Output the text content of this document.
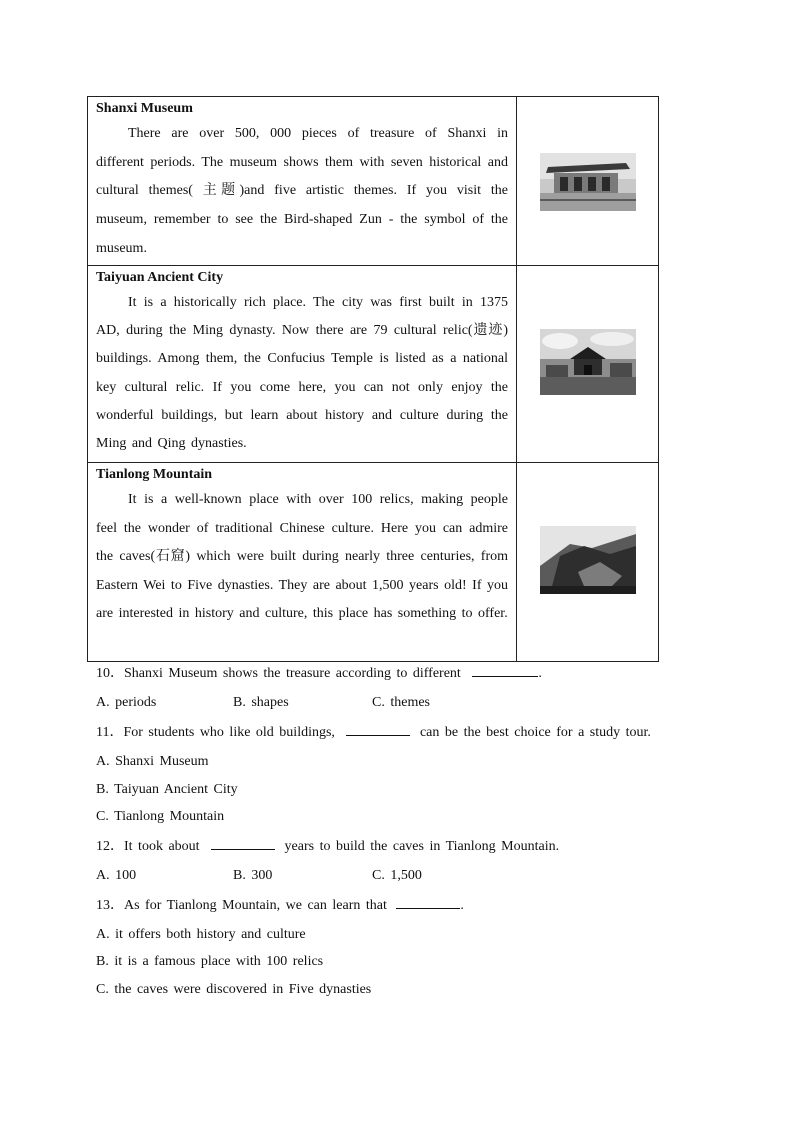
Shanxi Museum

There are over 500, 000 pieces of treasure of Shanxi in different periods. The museum shows them with seven historical and cultural themes( 主题)and five artistic themes. If you visit the museum, remember to see the Bird-shaped Zun - the symbol of the museum.

Taiyuan Ancient City

It is a historically rich place. The city was first built in 1375 AD, during the Ming dynasty. Now there are 79 cultural relic(遗迹) buildings. Among them, the Confucius Temple is listed as a national key cultural relic. If you come here, you can not only enjoy the wonderful buildings, but learn about history and culture during the Ming and Qing dynasties.

Tianlong Mountain

It is a well-known place with over 100 relics, making people feel the wonder of traditional Chinese culture. Here you can admire the caves(石窟) which were built during nearly three centuries, from Eastern Wei to Five dynasties. They are about 1,500 years old! If you are interested in history and culture, this place has something to offer.

10．Shanxi Museum shows the treasure according to different	.

A. periods	B. shapes	C. themes

11．For students who like old buildings,	can be the best choice for a study tour.

A. Shanxi Museum

B. Taiyuan Ancient City

C. Tianlong Mountain

12．It took about	years to build the caves in Tianlong Mountain.

A. 100	B. 300	C. 1,500

13．As for Tianlong Mountain, we can learn that	.

A. it offers both history and culture

B. it is a famous place with 100 relics

C. the caves were discovered in Five dynasties
